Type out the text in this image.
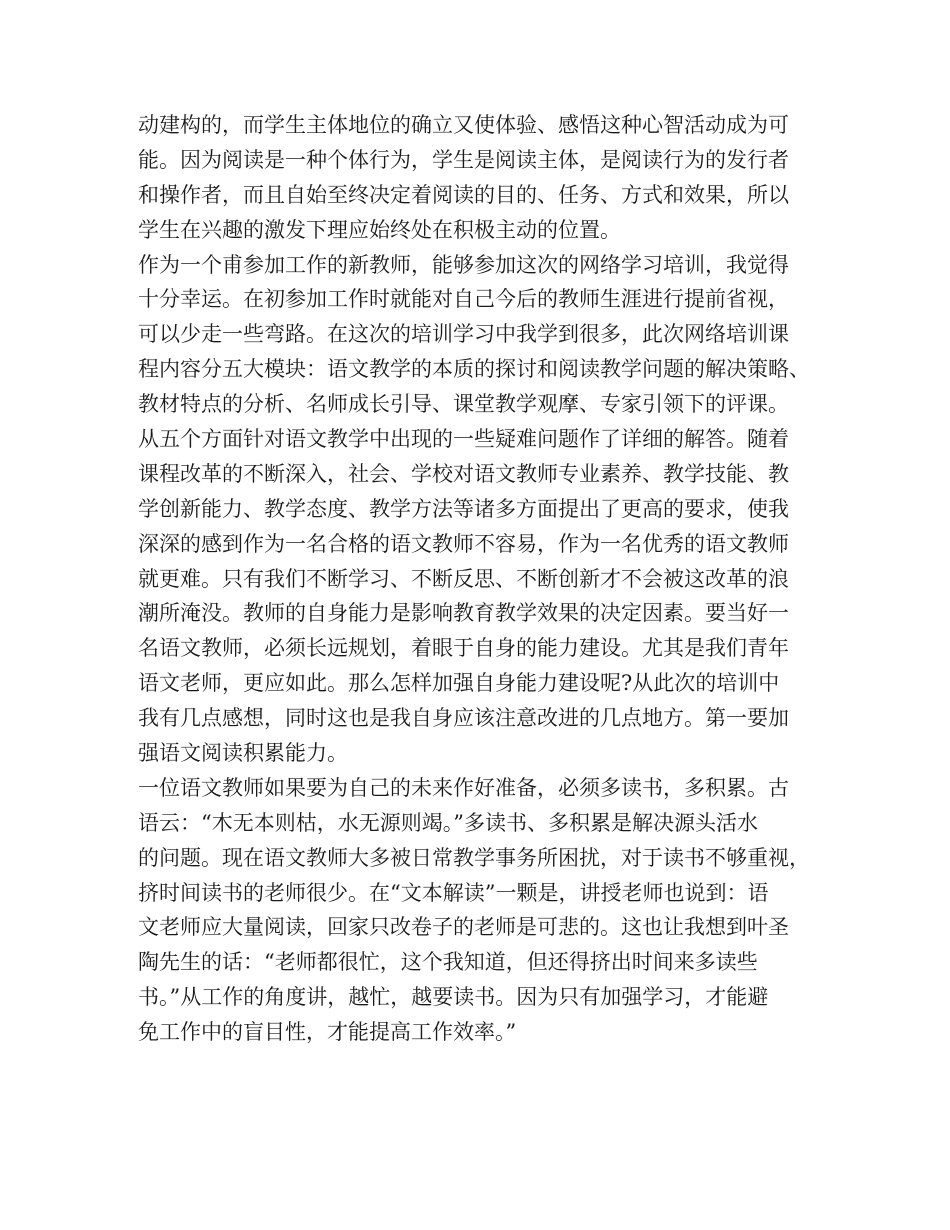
动建构的，而学生主体地位的确立又使体验、感悟这种心智活动成为可
能。因为阅读是一种个体行为，学生是阅读主体，是阅读行为的发行者
和操作者，而且自始至终决定着阅读的目的、任务、方式和效果，所以
学生在兴趣的激发下理应始终处在积极主动的位置。
作为一个甫参加工作的新教师，能够参加这次的网络学习培训，我觉得
十分幸运。在初参加工作时就能对自己今后的教师生涯进行提前省视，
可以少走一些弯路。在这次的培训学习中我学到很多，此次网络培训课
程内容分五大模块：语文教学的本质的探讨和阅读教学问题的解决策略、
教材特点的分析、名师成长引导、课堂教学观摩、专家引领下的评课。
从五个方面针对语文教学中出现的一些疑难问题作了详细的解答。随着
课程改革的不断深入，社会、学校对语文教师专业素养、教学技能、教
学创新能力、教学态度、教学方法等诸多方面提出了更高的要求，使我
深深的感到作为一名合格的语文教师不容易，作为一名优秀的语文教师
就更难。只有我们不断学习、不断反思、不断创新才不会被这改革的浪
潮所淹没。教师的自身能力是影响教育教学效果的决定因素。要当好一
名语文教师，必须长远规划，着眼于自身的能力建设。尤其是我们青年
语文老师，更应如此。那么怎样加强自身能力建设呢?从此次的培训中
我有几点感想，同时这也是我自身应该注意改进的几点地方。第一要加
强语文阅读积累能力。
一位语文教师如果要为自己的未来作好准备，必须多读书，多积累。古
语云：“木无本则枯，水无源则竭。”多读书、多积累是解决源头活水
的问题。现在语文教师大多被日常教学事务所困扰，对于读书不够重视，
挤时间读书的老师很少。在“文本解读”一颗是，讲授老师也说到：语
文老师应大量阅读，回家只改卷子的老师是可悲的。这也让我想到叶圣
陶先生的话：“老师都很忙，这个我知道，但还得挤出时间来多读些
书。”从工作的角度讲，越忙，越要读书。因为只有加强学习，才能避
免工作中的盲目性，才能提高工作效率。”
